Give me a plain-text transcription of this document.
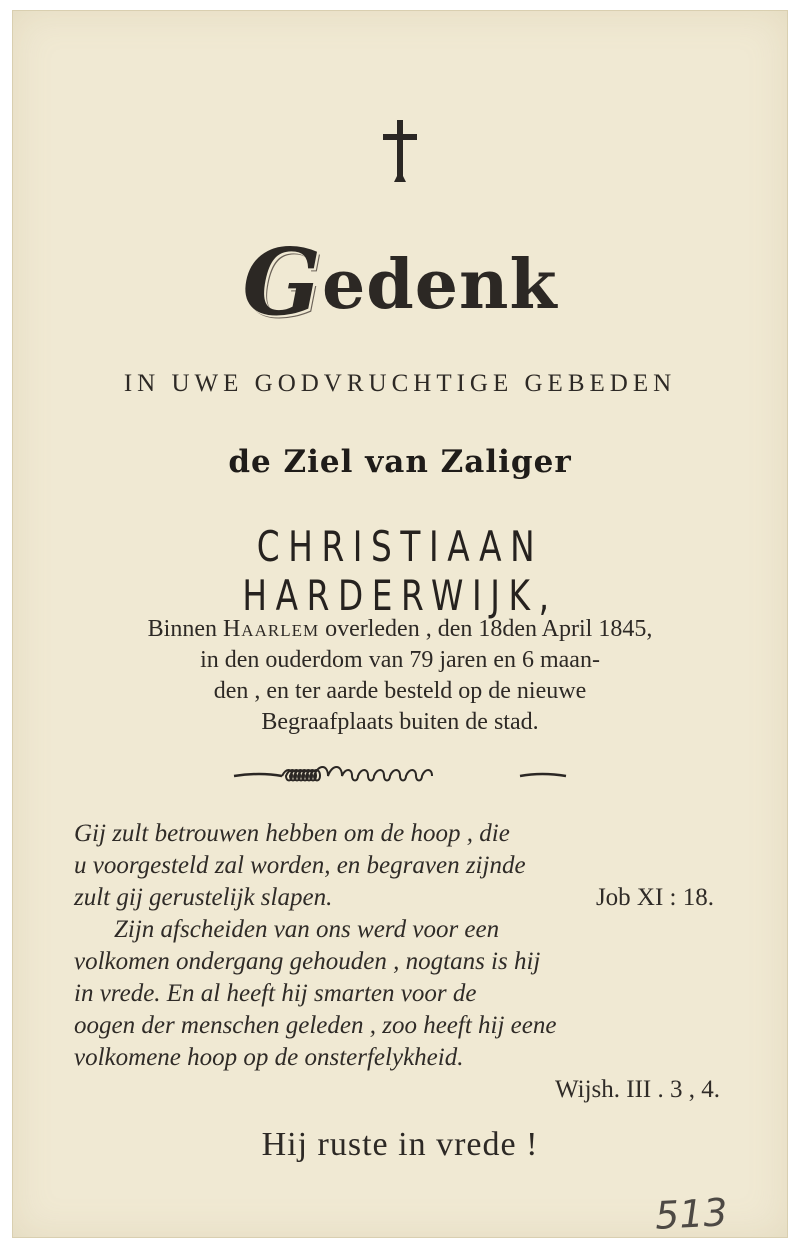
Gedenk
IN UWE GODVRUCHTIGE GEBEDEN
de Ziel van Zaliger
CHRISTIAAN HARDERWIJK,
Binnen Haarlem overleden , den 18den April 1845,
in den ouderdom van 79 jaren en 6 maan-
den , en ter aarde besteld op de nieuwe
Begraafplaats buiten de stad.
Gij zult betrouwen hebben om de hoop , die
u voorgesteld zal worden, en begraven zijnde
zult gij gerustelijk slapen.	Job XI : 18.
Zijn afscheiden van ons werd voor een
volkomen ondergang gehouden , nogtans is hij
in vrede. En al heeft hij smarten voor de
oogen der menschen geleden , zoo heeft hij eene
volkomene hoop op de onsterfelykheid.
Wijsh. III . 3 , 4.
Hij ruste in vrede !
513
